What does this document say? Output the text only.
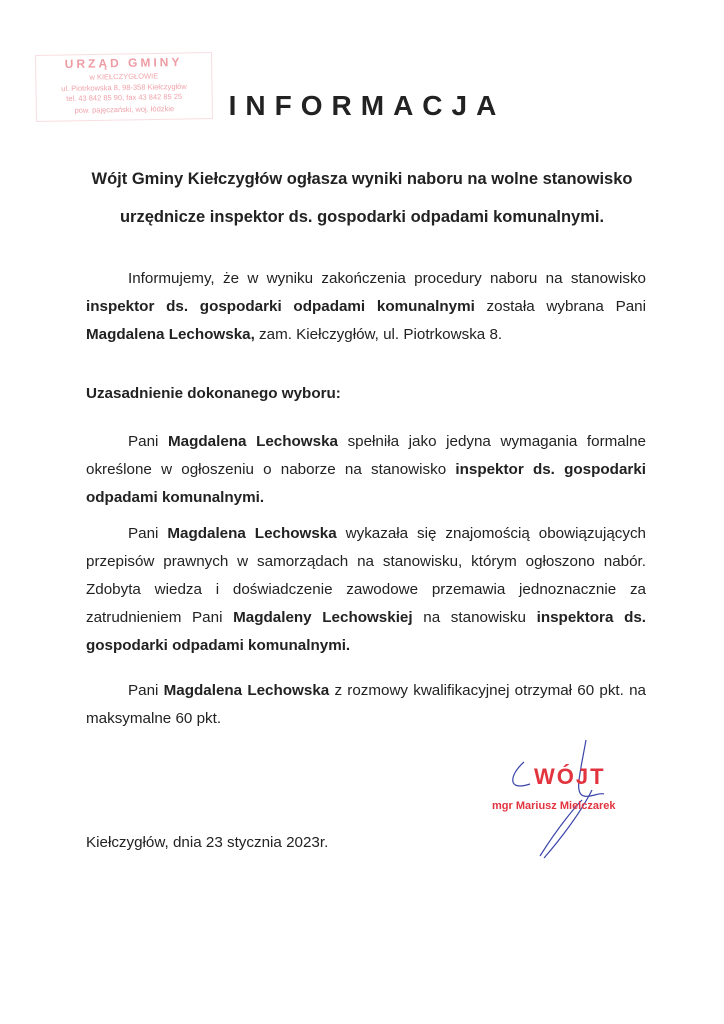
URZĄD GMINY
w KIEŁCZYGŁOWIE
ul. Piotrkowska 8, 98-358 Kiełczygłów
tel. 43 842 85 90, fax 43 842 85 25
pow. pajęczański, woj. łódzkie	INFORMACJA
Wójt Gminy Kiełczygłów ogłasza wyniki naboru na wolne stanowisko urzędnicze inspektor ds. gospodarki odpadami komunalnymi.
Informujemy, że w wyniku zakończenia procedury naboru na stanowisko inspektor ds. gospodarki odpadami komunalnymi została wybrana Pani Magdalena Lechowska, zam. Kiełczygłów, ul. Piotrkowska 8.
Uzasadnienie dokonanego wyboru:
Pani Magdalena Lechowska spełniła jako jedyna wymagania formalne określone w ogłoszeniu o naborze na stanowisko inspektor ds. gospodarki odpadami komunalnymi.
Pani Magdalena Lechowska wykazała się znajomością obowiązujących przepisów prawnych w samorządach na stanowisku, którym ogłoszono nabór. Zdobyta wiedza i doświadczenie zawodowe przemawia jednoznacznie za zatrudnieniem Pani Magdaleny Lechowskiej na stanowisku inspektora ds. gospodarki odpadami komunalnymi.
Pani Magdalena Lechowska z rozmowy kwalifikacyjnej otrzymał 60 pkt. na maksymalne 60 pkt.
WÓJT
mgr Mariusz Mielczarek
Kiełczygłów, dnia 23 stycznia 2023r.
